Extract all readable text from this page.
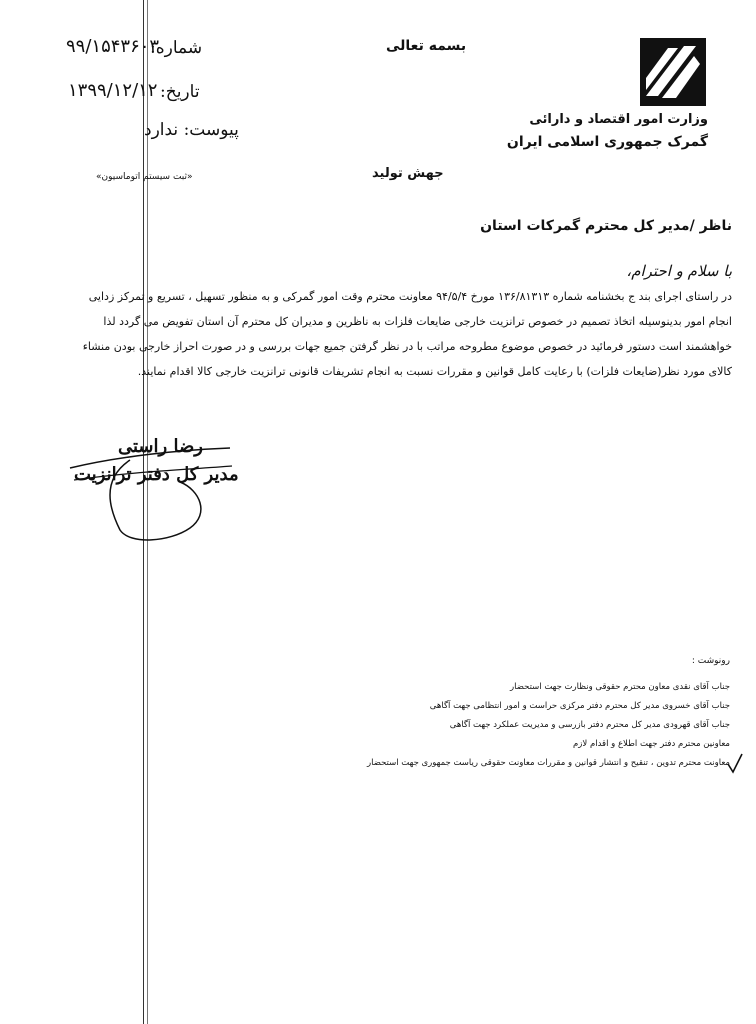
وزارت امور اقتصاد و دارائی
گمرک جمهوری اسلامی ایران
بسمه تعالی
جهش تولید
شماره:
۹۹/۱۵۴۳۶۰۳
تاریخ:
۱۳۹۹/۱۲/۱۲
پیوست: ندارد
«ثبت سیستم اتوماسیون»
ناظر /مدیر کل محترم گمرکات استان
با سلام و احترام،
در راستای اجرای بند ج بخشنامه شماره ۱۳۶/۸۱۳۱۳ مورخ ۹۴/۵/۴ معاونت محترم وقت امور گمرکی و به منظور تسهیل ، تسریع و تمرکز زدایی
انجام امور بدینوسیله اتخاذ تصمیم در خصوص ترانزیت خارجی ضایعات فلزات به ناظرین و مدیران کل محترم آن استان تفویض می گردد لذا
خواهشمند است دستور فرمائید در خصوص موضوع مطروحه مراتب با در نظر گرفتن جمیع جهات بررسی و در صورت احراز خارجی بودن منشاء
کالای مورد نظر(ضایعات فلزات) با رعایت کامل قوانین و مقررات نسبت به انجام تشریفات قانونی ترانزیت خارجی کالا اقدام نمایند.
رضا راستی
مدیر کل دفتر ترانزیت
رونوشت :
جناب آقای نقدی معاون محترم حقوقی ونظارت جهت استحضار
جناب آقای خسروی مدیر کل محترم دفتر مرکزی حراست و امور انتظامی جهت آگاهی
جناب آقای قهرودی مدیر کل محترم دفتر بازرسی و مدیریت عملکرد جهت آگاهی
معاونین محترم دفتر جهت اطلاع و اقدام لازم
معاونت محترم تدوین ، تنقیح و انتشار قوانین و مقررات معاونت حقوقی ریاست جمهوری جهت استحضار
